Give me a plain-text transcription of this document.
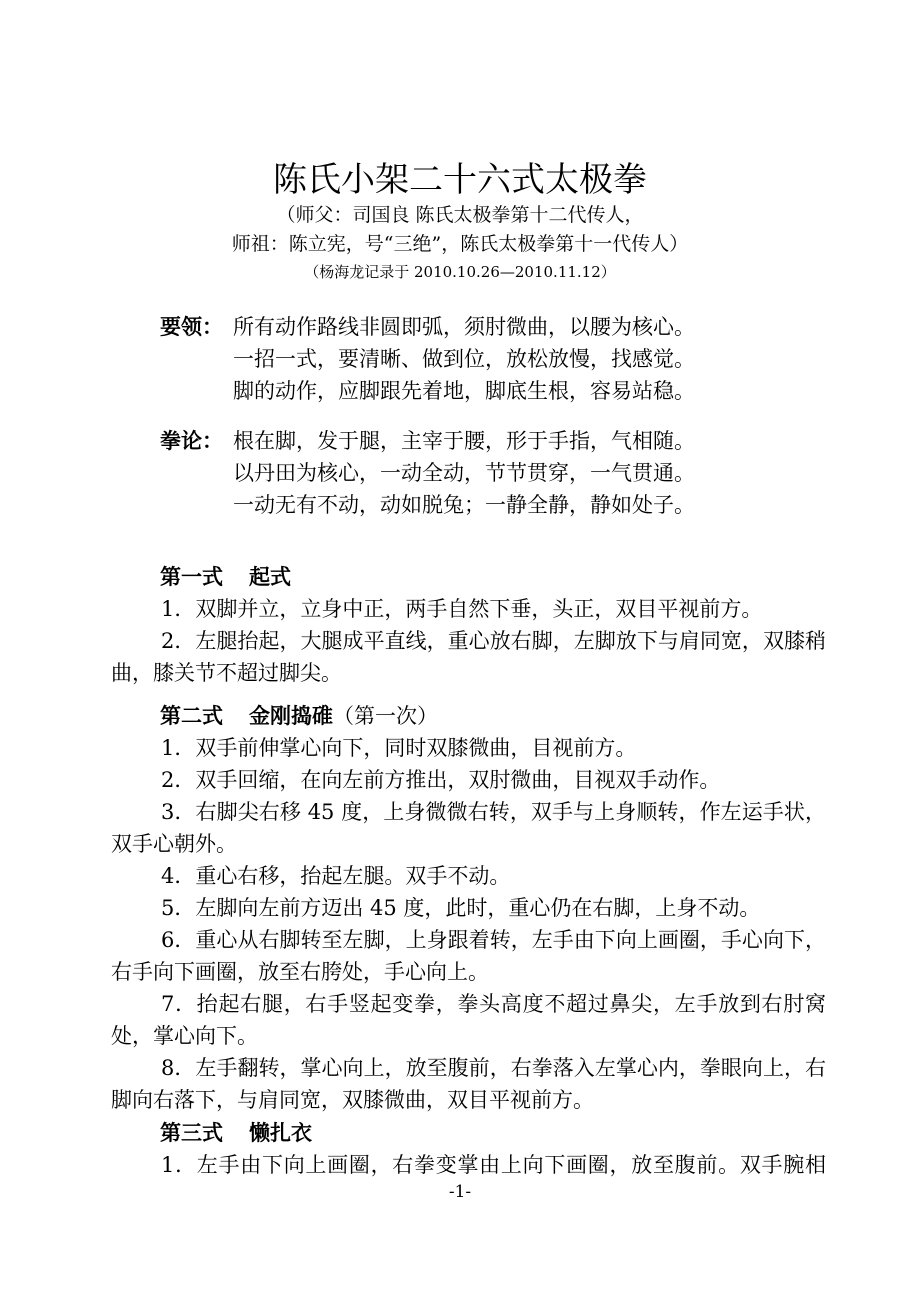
陈氏小架二十六式太极拳
（师父：司国良 陈氏太极拳第十二代传人，
师祖：陈立宪，号“三绝”，陈氏太极拳第十一代传人）
（杨海龙记录于 2010.10.26—2010.11.12）
要领： 所有动作路线非圆即弧，须肘微曲，以腰为核心。
一招一式，要清晰、做到位，放松放慢，找感觉。
脚的动作，应脚跟先着地，脚底生根，容易站稳。
拳论： 根在脚，发于腿，主宰于腰，形于手指，气相随。
以丹田为核心，一动全动，节节贯穿，一气贯通。
一动无有不动，动如脱兔；一静全静，静如处子。
第一式 起式
1．双脚并立，立身中正，两手自然下垂，头正，双目平视前方。
2．左腿抬起，大腿成平直线，重心放右脚，左脚放下与肩同宽，双膝稍曲，膝关节不超过脚尖。
第二式 金刚捣碓（第一次）
1．双手前伸掌心向下，同时双膝微曲，目视前方。
2．双手回缩，在向左前方推出，双肘微曲，目视双手动作。
3．右脚尖右移 45 度，上身微微右转，双手与上身顺转，作左运手状，双手心朝外。
4．重心右移，抬起左腿。双手不动。
5．左脚向左前方迈出 45 度，此时，重心仍在右脚，上身不动。
6．重心从右脚转至左脚，上身跟着转，左手由下向上画圈，手心向下，右手向下画圈，放至右胯处，手心向上。
7．抬起右腿，右手竖起变拳，拳头高度不超过鼻尖，左手放到右肘窝处，掌心向下。
8．左手翻转，掌心向上，放至腹前，右拳落入左掌心内，拳眼向上，右脚向右落下，与肩同宽，双膝微曲，双目平视前方。
第三式 懒扎衣
1．左手由下向上画圈，右拳变掌由上向下画圈，放至腹前。双手腕相
-1-
